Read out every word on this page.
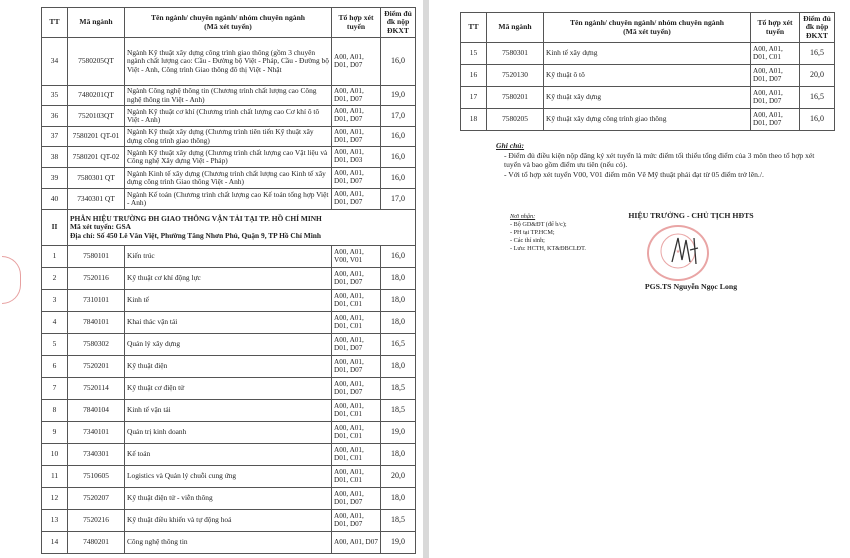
TT	Mã ngành	Tên ngành/ chuyên ngành/ nhóm chuyên ngành
(Mã xét tuyển)	Tổ hợp xét tuyển	Điểm đủ đk nộp ĐKXT
34	7580205QT	Ngành Kỹ thuật xây dựng công trình giao thông (gồm 3 chuyên ngành chất lượng cao: Cầu - Đường bộ Việt - Pháp, Cầu - Đường bộ Việt - Anh, Công trình Giao thông đô thị Việt - Nhật	A00, A01, D01, D07	16,0
35	7480201QT	Ngành Công nghệ thông tin (Chương trình chất lượng cao Công nghệ thông tin Việt - Anh)	A00, A01, D01, D07	19,0
36	7520103QT	Ngành Kỹ thuật cơ khí (Chương trình chất lượng cao Cơ khí ô tô Việt - Anh)	A00, A01, D01, D07	17,0
37	7580201 QT-01	Ngành Kỹ thuật xây dựng (Chương trình tiên tiến Kỹ thuật xây dựng công trình giao thông)	A00, A01, D01, D07	16,0
38	7580201 QT-02	Ngành Kỹ thuật xây dựng (Chương trình chất lượng cao Vật liệu và Công nghệ Xây dựng Việt - Pháp)	A00, A01, D01, D03	16,0
39	7580301 QT	Ngành Kinh tế xây dựng (Chương trình chất lượng cao Kinh tế xây dựng công trình Giao thông Việt - Anh)	A00, A01, D01, D07	16,0
40	7340301 QT	Ngành Kế toán (Chương trình chất lượng cao Kế toán tổng hợp Việt - Anh)	A00, A01, D01, D07	17,0
II	PHÂN HIỆU TRƯỜNG ĐH GIAO THÔNG VẬN TẢI TẠI TP. HỒ CHÍ MINH
Mã xét tuyển: GSA
Địa chỉ: Số 450 Lê Văn Việt, Phường Tăng Nhơn Phú, Quận 9, TP Hồ Chí Minh			

1	7580101	Kiến trúc	A00, A01, V00, V01	16,0
2	7520116	Kỹ thuật cơ khí động lực	A00, A01, D01, D07	18,0
3	7310101	Kinh tế	A00, A01, D01, C01	18,0
4	7840101	Khai thác vận tải	A00, A01, D01, C01	18,0
5	7580302	Quản lý xây dựng	A00, A01, D01, D07	16,5
6	7520201	Kỹ thuật điện	A00, A01, D01, D07	18,0
7	7520114	Kỹ thuật cơ điện tử	A00, A01, D01, D07	18,5
8	7840104	Kinh tế vận tải	A00, A01, D01, C01	18,5
9	7340101	Quản trị kinh doanh	A00, A01, D01, C01	19,0
10	7340301	Kế toán	A00, A01, D01, C01	18,0
11	7510605	Logistics và Quản lý chuỗi cung ứng	A00, A01, D01, C01	20,0
12	7520207	Kỹ thuật điện tử - viễn thông	A00, A01, D01, D07	18,0
13	7520216	Kỹ thuật điều khiển và tự động hoá	A00, A01, D01, D07	18,5
14	7480201	Công nghệ thông tin	A00, A01, D07	19,0
TT	Mã ngành	Tên ngành/ chuyên ngành/ nhóm chuyên ngành
(Mã xét tuyển)	Tổ hợp xét tuyển	Điểm đủ đk nộp ĐKXT
15	7580301	Kinh tế xây dựng	A00, A01, D01, C01	16,5
16	7520130	Kỹ thuật ô tô	A00, A01, D01, D07	20,0
17	7580201	Kỹ thuật xây dựng	A00, A01, D01, D07	16,5
18	7580205	Kỹ thuật xây dựng công trình giao thông	A00, A01, D01, D07	16,0
Ghi chú:

- Điểm đủ điều kiện nộp đăng ký xét tuyển là mức điểm tối thiểu tổng điểm của 3 môn theo tổ hợp xét tuyển và bao gồm điểm ưu tiên (nếu có).

- Với tổ hợp xét tuyển V00, V01 điểm môn Vẽ Mỹ thuật phải đạt từ 05 điểm trở lên./.

Nơi nhận:
- Bộ GD&ĐT (để b/c);
- PH tại TP.HCM;
- Các thí sinh;
- Lưu: HCTH, KT&ĐBCLĐT.
HIỆU TRƯỞNG - CHỦ TỊCH HĐTS
★
PGS.TS Nguyễn Ngọc Long
